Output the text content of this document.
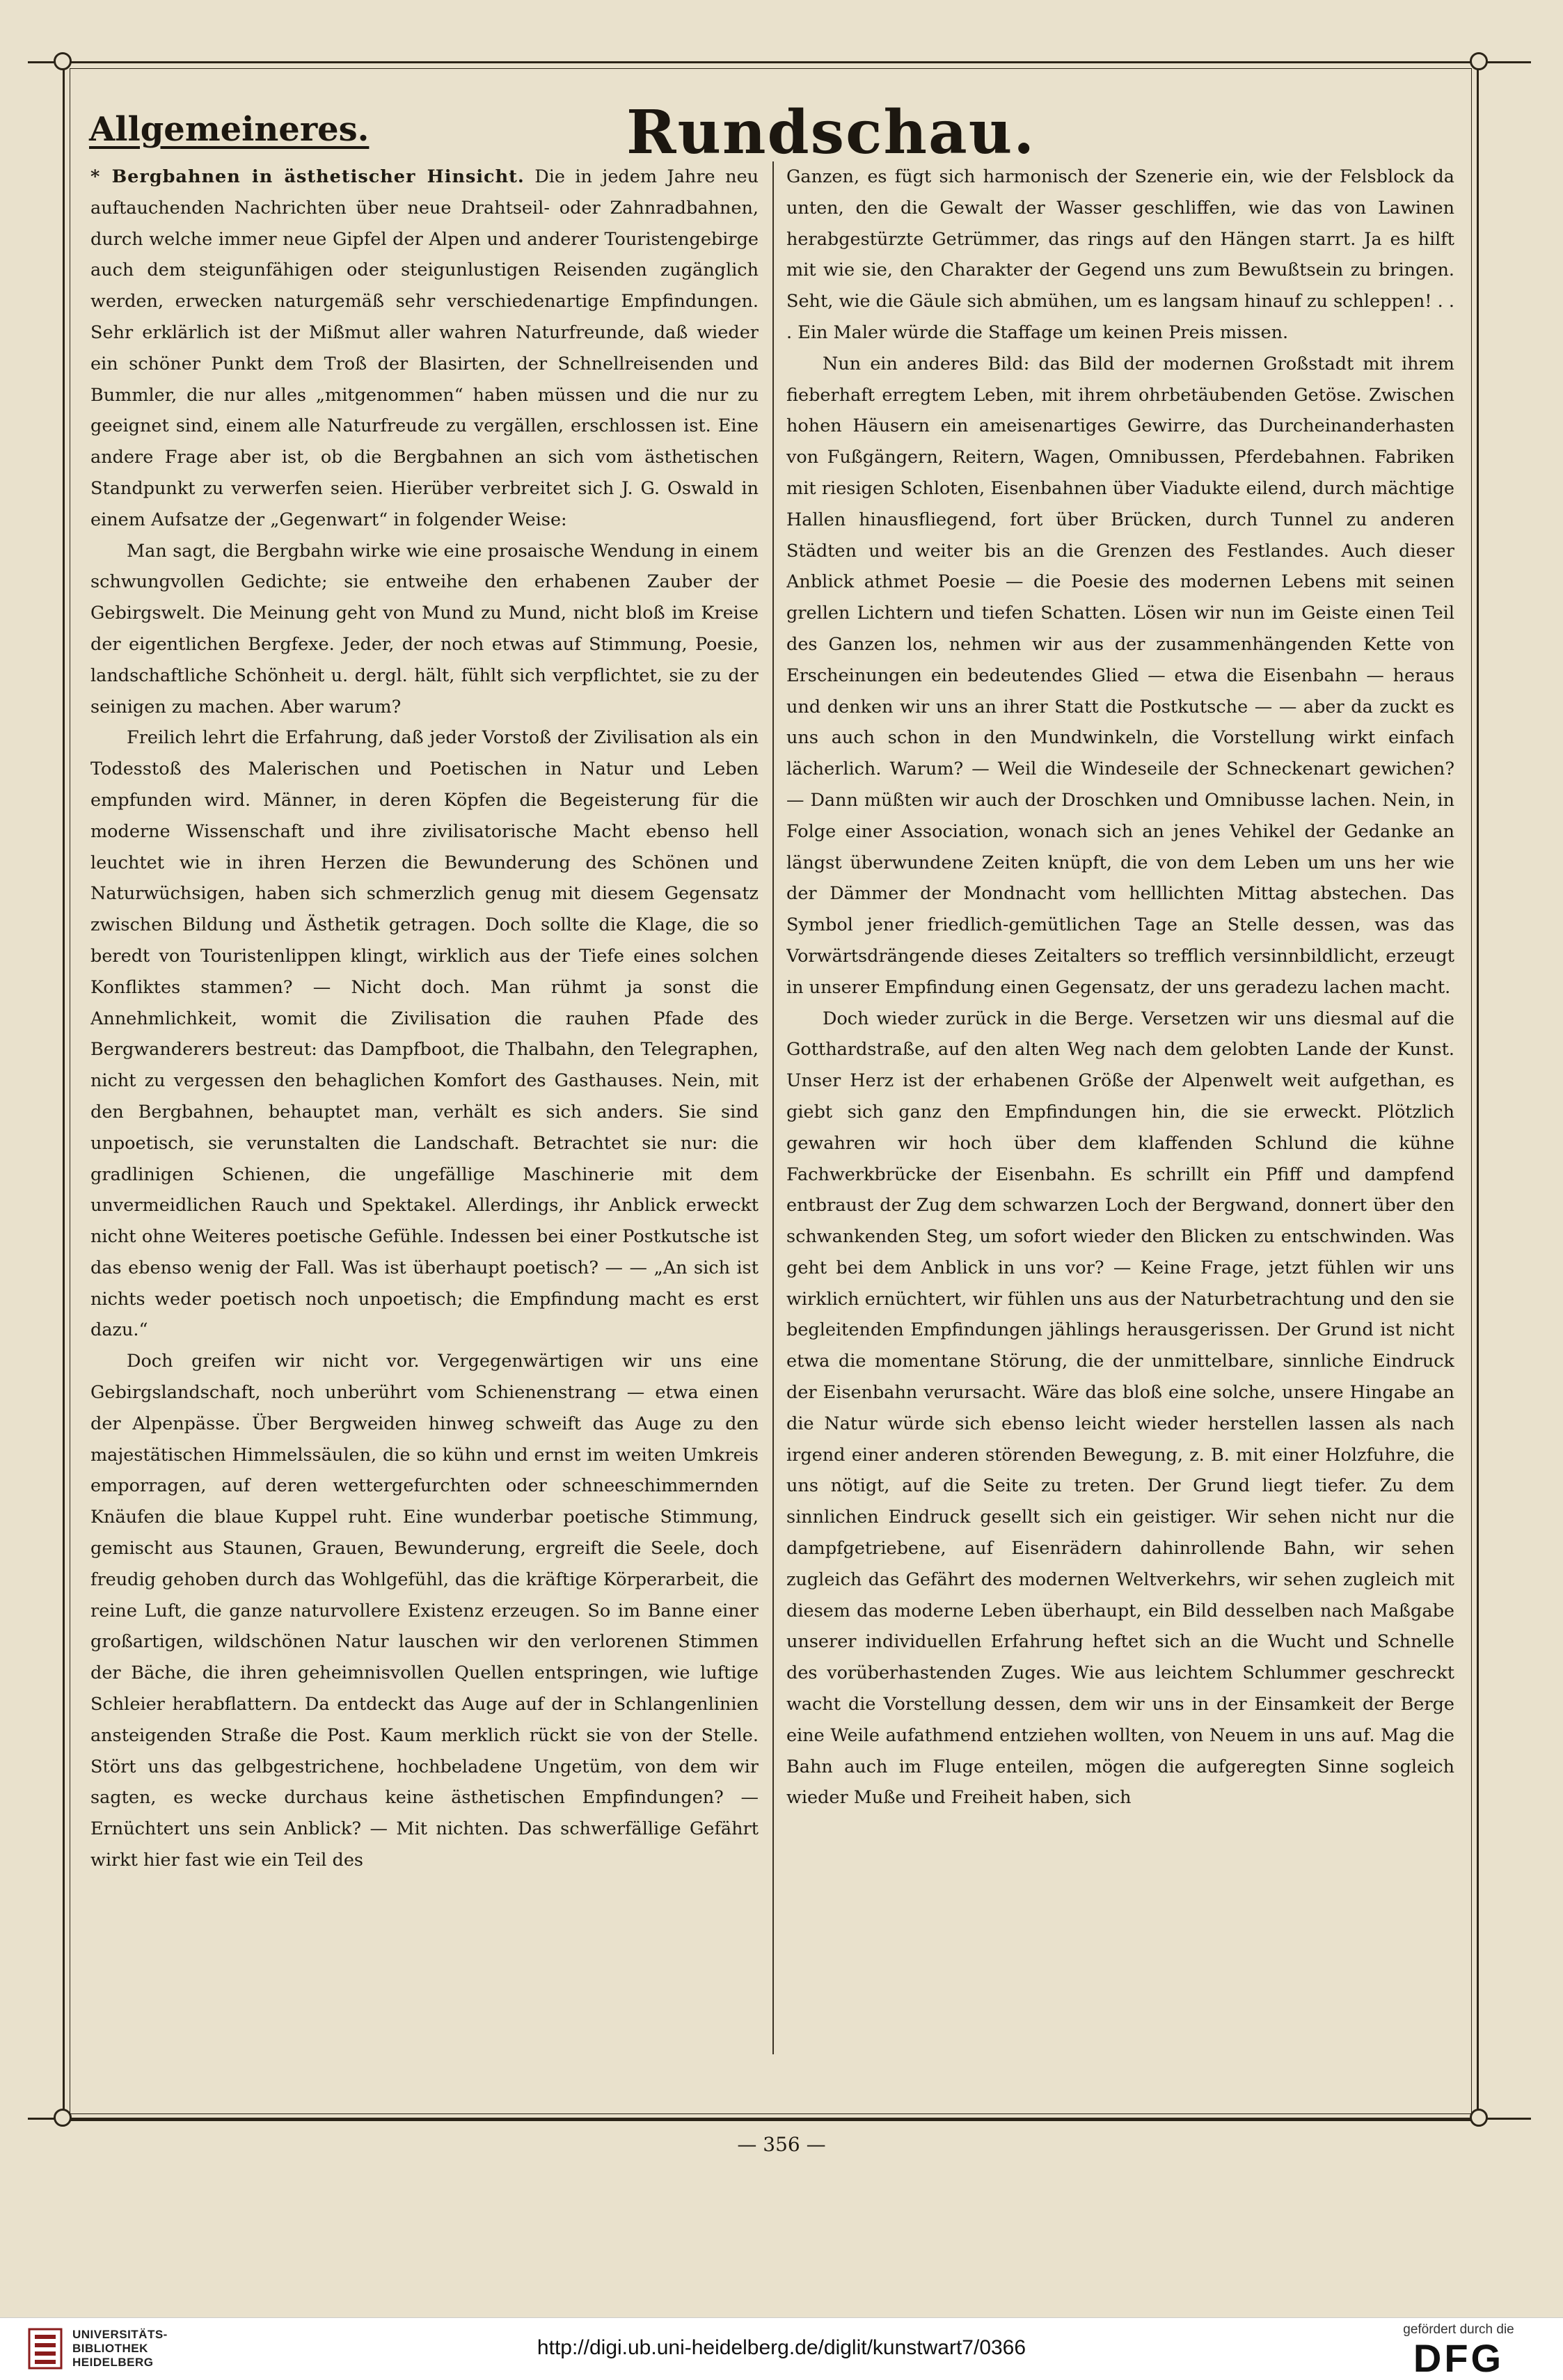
Allgemeineres.	Rundschau.

* Bergbahnen in ästhetischer Hinsicht. Die in jedem Jahre neu auftauchenden Nachrichten über neue Drahtseil- oder Zahnradbahnen, durch welche immer neue Gipfel der Alpen und anderer Touristengebirge auch dem steigunfähigen oder steigunlustigen Reisenden zugänglich werden, erwecken naturgemäß sehr verschiedenartige Empfindungen. Sehr erklärlich ist der Mißmut aller wahren Naturfreunde, daß wieder ein schöner Punkt dem Troß der Blasirten, der Schnellreisenden und Bummler, die nur alles „mitgenommen“ haben müssen und die nur zu geeignet sind, einem alle Naturfreude zu vergällen, erschlossen ist. Eine andere Frage aber ist, ob die Bergbahnen an sich vom ästhetischen Standpunkt zu verwerfen seien. Hierüber verbreitet sich J. G. Oswald in einem Aufsatze der „Gegenwart“ in folgender Weise:

Man sagt, die Bergbahn wirke wie eine prosaische Wendung in einem schwungvollen Gedichte; sie entweihe den erhabenen Zauber der Gebirgswelt. Die Meinung geht von Mund zu Mund, nicht bloß im Kreise der eigentlichen Bergfexe. Jeder, der noch etwas auf Stimmung, Poesie, landschaftliche Schönheit u. dergl. hält, fühlt sich verpflichtet, sie zu der seinigen zu machen. Aber warum?

Freilich lehrt die Erfahrung, daß jeder Vorstoß der Zivilisation als ein Todesstoß des Malerischen und Poetischen in Natur und Leben empfunden wird. Männer, in deren Köpfen die Begeisterung für die moderne Wissenschaft und ihre zivilisatorische Macht ebenso hell leuchtet wie in ihren Herzen die Bewunderung des Schönen und Naturwüchsigen, haben sich schmerzlich genug mit diesem Gegensatz zwischen Bildung und Ästhetik getragen. Doch sollte die Klage, die so beredt von Touristenlippen klingt, wirklich aus der Tiefe eines solchen Konfliktes stammen? — Nicht doch. Man rühmt ja sonst die Annehmlichkeit, womit die Zivilisation die rauhen Pfade des Bergwanderers bestreut: das Dampfboot, die Thalbahn, den Telegraphen, nicht zu vergessen den behaglichen Komfort des Gasthauses. Nein, mit den Bergbahnen, behauptet man, verhält es sich anders. Sie sind unpoetisch, sie verunstalten die Landschaft. Betrachtet sie nur: die gradlinigen Schienen, die ungefällige Maschinerie mit dem unvermeidlichen Rauch und Spektakel. Allerdings, ihr Anblick erweckt nicht ohne Weiteres poetische Gefühle. Indessen bei einer Postkutsche ist das ebenso wenig der Fall. Was ist überhaupt poetisch? — — „An sich ist nichts weder poetisch noch unpoetisch; die Empfindung macht es erst dazu.“

Doch greifen wir nicht vor. Vergegenwärtigen wir uns eine Gebirgslandschaft, noch unberührt vom Schienenstrang — etwa einen der Alpenpässe. Über Bergweiden hinweg schweift das Auge zu den majestätischen Himmelssäulen, die so kühn und ernst im weiten Umkreis emporragen, auf deren wettergefurchten oder schneeschimmernden Knäufen die blaue Kuppel ruht. Eine wunderbar poetische Stimmung, gemischt aus Staunen, Grauen, Bewunderung, ergreift die Seele, doch freudig gehoben durch das Wohlgefühl, das die kräftige Körperarbeit, die reine Luft, die ganze naturvollere Existenz erzeugen. So im Banne einer großartigen, wildschönen Natur lauschen wir den verlorenen Stimmen der Bäche, die ihren geheimnisvollen Quellen entspringen, wie luftige Schleier herabflattern. Da entdeckt das Auge auf der in Schlangenlinien ansteigenden Straße die Post. Kaum merklich rückt sie von der Stelle. Stört uns das gelbgestrichene, hochbeladene Ungetüm, von dem wir sagten, es wecke durchaus keine ästhetischen Empfindungen? — Ernüchtert uns sein Anblick? — Mit nichten. Das schwerfällige Gefährt wirkt hier fast wie ein Teil des

Ganzen, es fügt sich harmonisch der Szenerie ein, wie der Felsblock da unten, den die Gewalt der Wasser geschliffen, wie das von Lawinen herabgestürzte Getrümmer, das rings auf den Hängen starrt. Ja es hilft mit wie sie, den Charakter der Gegend uns zum Bewußtsein zu bringen. Seht, wie die Gäule sich abmühen, um es langsam hinauf zu schleppen! . . . Ein Maler würde die Staffage um keinen Preis missen.

Nun ein anderes Bild: das Bild der modernen Großstadt mit ihrem fieberhaft erregtem Leben, mit ihrem ohrbetäubenden Getöse. Zwischen hohen Häusern ein ameisenartiges Gewirre, das Durcheinanderhasten von Fußgängern, Reitern, Wagen, Omnibussen, Pferdebahnen. Fabriken mit riesigen Schloten, Eisenbahnen über Viadukte eilend, durch mächtige Hallen hinausfliegend, fort über Brücken, durch Tunnel zu anderen Städten und weiter bis an die Grenzen des Festlandes. Auch dieser Anblick athmet Poesie — die Poesie des modernen Lebens mit seinen grellen Lichtern und tiefen Schatten. Lösen wir nun im Geiste einen Teil des Ganzen los, nehmen wir aus der zusammenhängenden Kette von Erscheinungen ein bedeutendes Glied — etwa die Eisenbahn — heraus und denken wir uns an ihrer Statt die Postkutsche — — aber da zuckt es uns auch schon in den Mundwinkeln, die Vorstellung wirkt einfach lächerlich. Warum? — Weil die Windeseile der Schneckenart gewichen? — Dann müßten wir auch der Droschken und Omnibusse lachen. Nein, in Folge einer Association, wonach sich an jenes Vehikel der Gedanke an längst überwundene Zeiten knüpft, die von dem Leben um uns her wie der Dämmer der Mondnacht vom helllichten Mittag abstechen. Das Symbol jener friedlich-gemütlichen Tage an Stelle dessen, was das Vorwärtsdrängende dieses Zeitalters so trefflich versinnbildlicht, erzeugt in unserer Empfindung einen Gegensatz, der uns geradezu lachen macht.

Doch wieder zurück in die Berge. Versetzen wir uns diesmal auf die Gotthardstraße, auf den alten Weg nach dem gelobten Lande der Kunst. Unser Herz ist der erhabenen Größe der Alpenwelt weit aufgethan, es giebt sich ganz den Empfindungen hin, die sie erweckt. Plötzlich gewahren wir hoch über dem klaffenden Schlund die kühne Fachwerkbrücke der Eisenbahn. Es schrillt ein Pfiff und dampfend entbraust der Zug dem schwarzen Loch der Bergwand, donnert über den schwankenden Steg, um sofort wieder den Blicken zu entschwinden. Was geht bei dem Anblick in uns vor? — Keine Frage, jetzt fühlen wir uns wirklich ernüchtert, wir fühlen uns aus der Naturbetrachtung und den sie begleitenden Empfindungen jählings herausgerissen. Der Grund ist nicht etwa die momentane Störung, die der unmittelbare, sinnliche Eindruck der Eisenbahn verursacht. Wäre das bloß eine solche, unsere Hingabe an die Natur würde sich ebenso leicht wieder herstellen lassen als nach irgend einer anderen störenden Bewegung, z. B. mit einer Holzfuhre, die uns nötigt, auf die Seite zu treten. Der Grund liegt tiefer. Zu dem sinnlichen Eindruck gesellt sich ein geistiger. Wir sehen nicht nur die dampfgetriebene, auf Eisenrädern dahinrollende Bahn, wir sehen zugleich das Gefährt des modernen Weltverkehrs, wir sehen zugleich mit diesem das moderne Leben überhaupt, ein Bild desselben nach Maßgabe unserer individuellen Erfahrung heftet sich an die Wucht und Schnelle des vorüberhastenden Zuges. Wie aus leichtem Schlummer geschreckt wacht die Vorstellung dessen, dem wir uns in der Einsamkeit der Berge eine Weile aufathmend entziehen wollten, von Neuem in uns auf. Mag die Bahn auch im Fluge enteilen, mögen die aufgeregten Sinne sogleich wieder Muße und Freiheit haben, sich

— 356 —
UNIVERSITÄTS-
BIBLIOTHEK
HEIDELBERG
http://digi.ub.uni-heidelberg.de/diglit/kunstwart7/0366
gefördert durch die
DFG
